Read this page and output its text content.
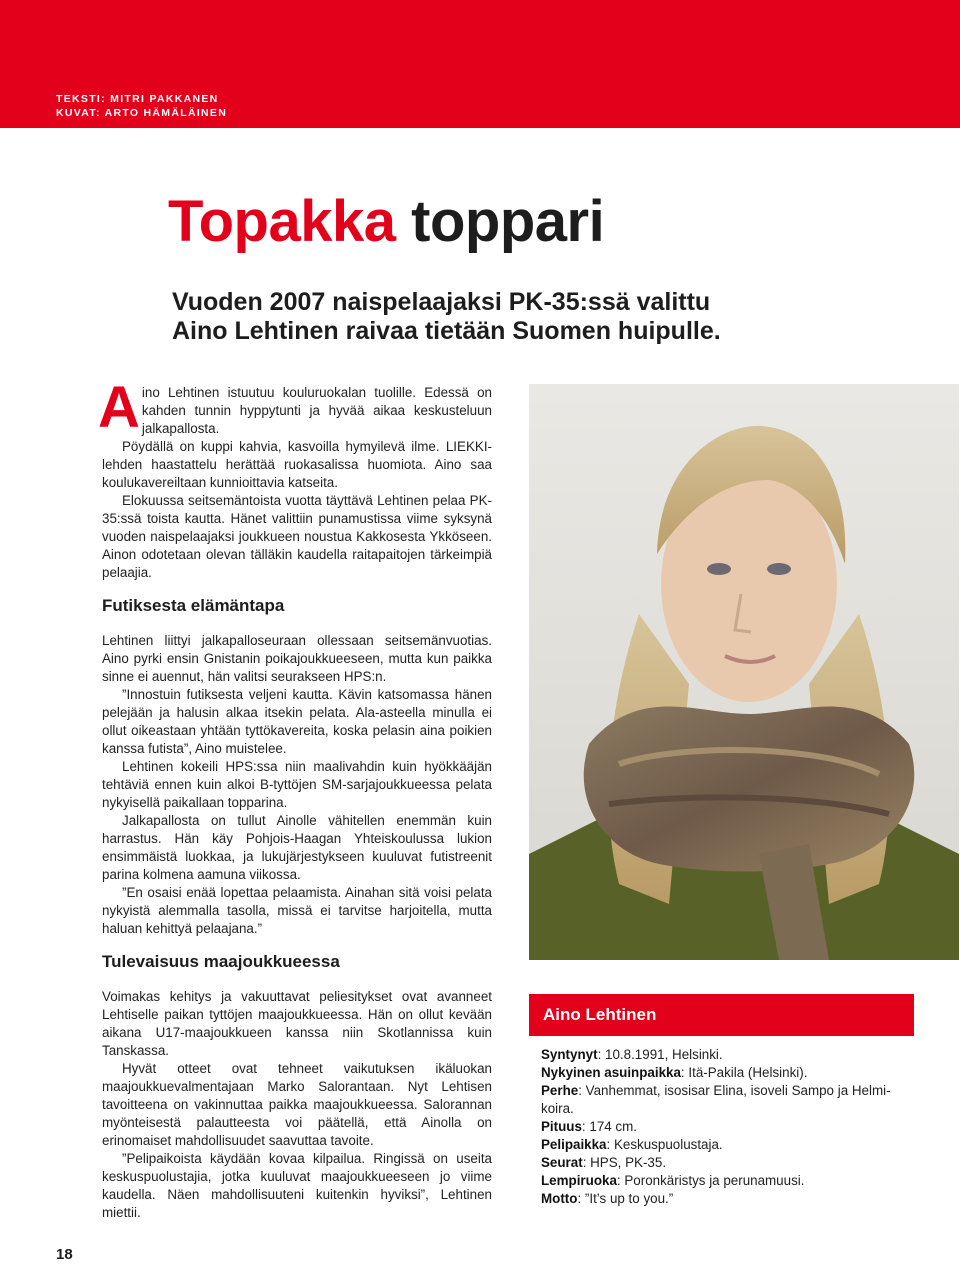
TEKSTI: MITRI PAKKANEN
KUVAT: ARTO HÄMÄLÄINEN
Topakka toppari
Vuoden 2007 naispelaajaksi PK-35:ssä valittu
Aino Lehtinen raivaa tietään Suomen huipulle.

Aino Lehtinen istuutuu kouluruokalan tuolille. Edessä on kahden tunnin hyppytunti ja hyvää aikaa keskusteluun jalkapallosta.

Pöydällä on kuppi kahvia, kasvoilla hymyilevä ilme. LIEKKI-lehden haastattelu herättää ruokasalissa huomiota. Aino saa koulukavereiltaan kunnioittavia katseita.

Elokuussa seitsemäntoista vuotta täyttävä Lehtinen pelaa PK-35:ssä toista kautta. Hänet valittiin punamustissa viime syksynä vuoden naispelaajaksi joukkueen noustua Kakkosesta Ykköseen. Ainon odotetaan olevan tälläkin kaudella raitapaitojen tärkeimpiä pelaajia.

Futiksesta elämäntapa

Lehtinen liittyi jalkapalloseuraan ollessaan seitsemänvuotias. Aino pyrki ensin Gnistanin poikajoukkueeseen, mutta kun paikka sinne ei auennut, hän valitsi seurakseen HPS:n.

”Innostuin futiksesta veljeni kautta. Kävin katsomassa hänen pelejään ja halusin alkaa itsekin pelata. Ala-asteella minulla ei ollut oikeastaan yhtään tyttökavereita, koska pelasin aina poikien kanssa futista”, Aino muistelee.

Lehtinen kokeili HPS:ssa niin maalivahdin kuin hyökkääjän tehtäviä ennen kuin alkoi B-tyttöjen SM-sarjajoukkueessa pelata nykyisellä paikallaan topparina.

Jalkapallosta on tullut Ainolle vähitellen enemmän kuin harrastus. Hän käy Pohjois-Haagan Yhteiskoulussa lukion ensimmäistä luokkaa, ja lukujärjestykseen kuuluvat futistreenit parina kolmena aamuna viikossa.

”En osaisi enää lopettaa pelaamista. Ainahan sitä voisi pelata nykyistä alemmalla tasolla, missä ei tarvitse harjoitella, mutta haluan kehittyä pelaajana.”

Tulevaisuus maajoukkueessa

Voimakas kehitys ja vakuuttavat peliesitykset ovat avanneet Lehtiselle paikan tyttöjen maajoukkueessa. Hän on ollut kevään aikana U17-maajoukkueen kanssa niin Skotlannissa kuin Tanskassa.

Hyvät otteet ovat tehneet vaikutuksen ikäluokan maajoukkuevalmentajaan Marko Salorantaan. Nyt Lehtisen tavoitteena on vakinnuttaa paikka maajoukkueessa. Salorannan myönteisestä palautteesta voi päätellä, että Ainolla on erinomaiset mahdollisuudet saavuttaa tavoite.

”Pelipaikoista käydään kovaa kilpailua. Ringissä on useita keskuspuolustajia, jotka kuuluvat maajoukkueeseen jo viime kaudella. Näen mahdollisuuteni kuitenkin hyviksi”, Lehtinen miettii.

Aino Lehtinen
Syntynyt: 10.8.1991, Helsinki.
Nykyinen asuinpaikka: Itä-Pakila (Helsinki).
Perhe: Vanhemmat, isosisar Elina, isoveli Sampo ja Helmi-koira.
Pituus: 174 cm.
Pelipaikka: Keskuspuolustaja.
Seurat: HPS, PK-35.
Lempiruoka: Poronkäristys ja perunamuusi.
Motto: ”It’s up to you.”
18
